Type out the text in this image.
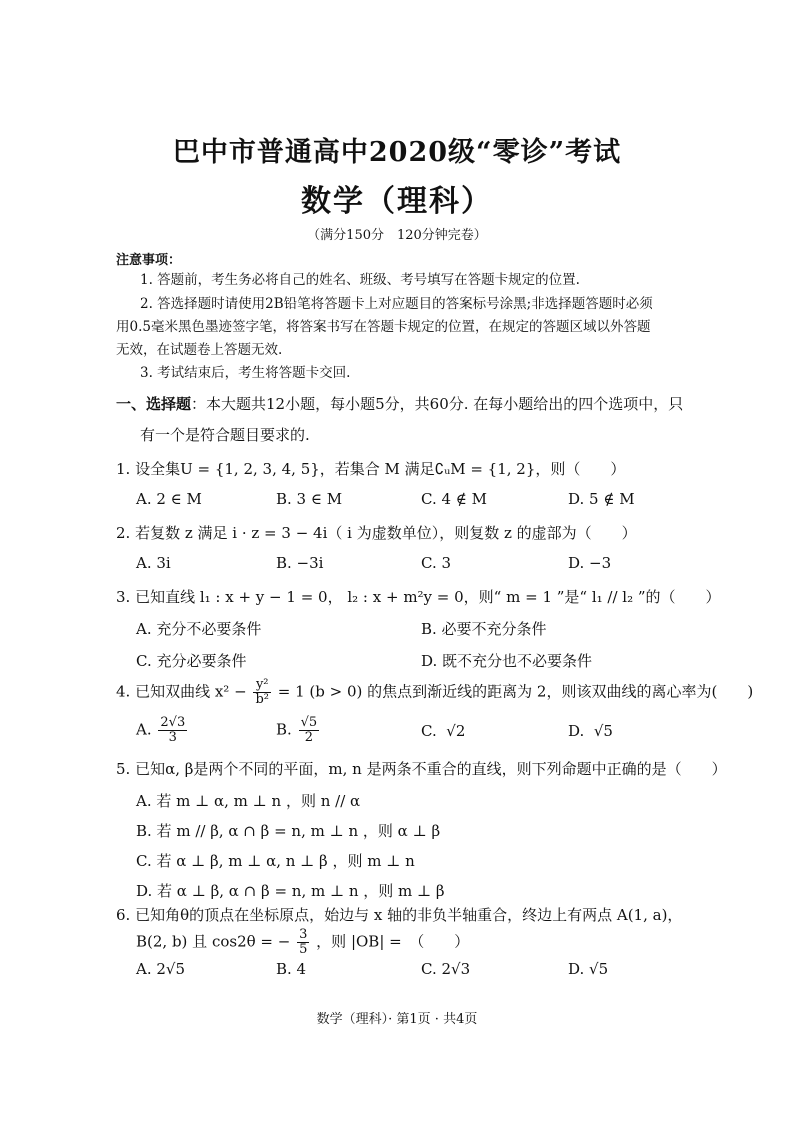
巴中市普通高中2020级“零诊”考试
数学（理科）
（满分150分　120分钟完卷）
注意事项：
1. 答题前，考生务必将自己的姓名、班级、考号填写在答题卡规定的位置.
2. 答选择题时请使用2B铅笔将答题卡上对应题目的答案标号涂黑;非选择题答题时必须
用0.5毫米黑色墨迹签字笔，将答案书写在答题卡规定的位置，在规定的答题区域以外答题
无效，在试题卷上答题无效.
3. 考试结束后，考生将答题卡交回.
一、选择题：本大题共12小题，每小题5分，共60分. 在每小题给出的四个选项中，只
有一个是符合题目要求的.
1. 设全集U = {1, 2, 3, 4, 5}，若集合 M 满足∁ᵤM = {1, 2}，则（　　）
A. 2 ∈ M	B. 3 ∈ M	C. 4 ∉ M	D. 5 ∉ M
2. 若复数 z 满足 i · z = 3 − 4i（ i 为虚数单位），则复数 z 的虚部为（　　）
A. 3i	B. −3i	C. 3	D. −3
3. 已知直线 l₁ : x + y − 1 = 0， l₂ : x + m²y = 0，则“ m = 1 ”是“ l₁ // l₂ ”的（　　）
A. 充分不必要条件	B. 必要不充分条件
C. 充分必要条件	D. 既不充分也不必要条件
4. 已知双曲线 $x^2 - \frac{\text{y²}}{\text{b²}} = 1$ (b > 0) 的焦点到渐近线的距离为 2，则该双曲线的离心率为(　　)
A. $\frac{2√3}{3}$	B. $\frac{√5}{2}$	C. √2	D. √5
5. 已知α, β是两个不同的平面，m, n 是两条不重合的直线，则下列命题中正确的是（　　）
A. 若 m ⊥ α, m ⊥ n ，则 n // α
B. 若 m // β, α ∩ β = n, m ⊥ n ，则 α ⊥ β
C. 若 α ⊥ β, m ⊥ α, n ⊥ β ，则 m ⊥ n
D. 若 α ⊥ β, α ∩ β = n, m ⊥ n ，则 m ⊥ β
6. 已知角θ的顶点在坐标原点，始边与 x 轴的非负半轴重合，终边上有两点 A(1, a)，
B(2, b) 且 cos2θ = − $\frac{3}{5}$ ，则 |OB| =　（　　）
A. 2√5	B. 4	C. 2√3	D. √5
数学（理科）· 第1页 · 共4页
